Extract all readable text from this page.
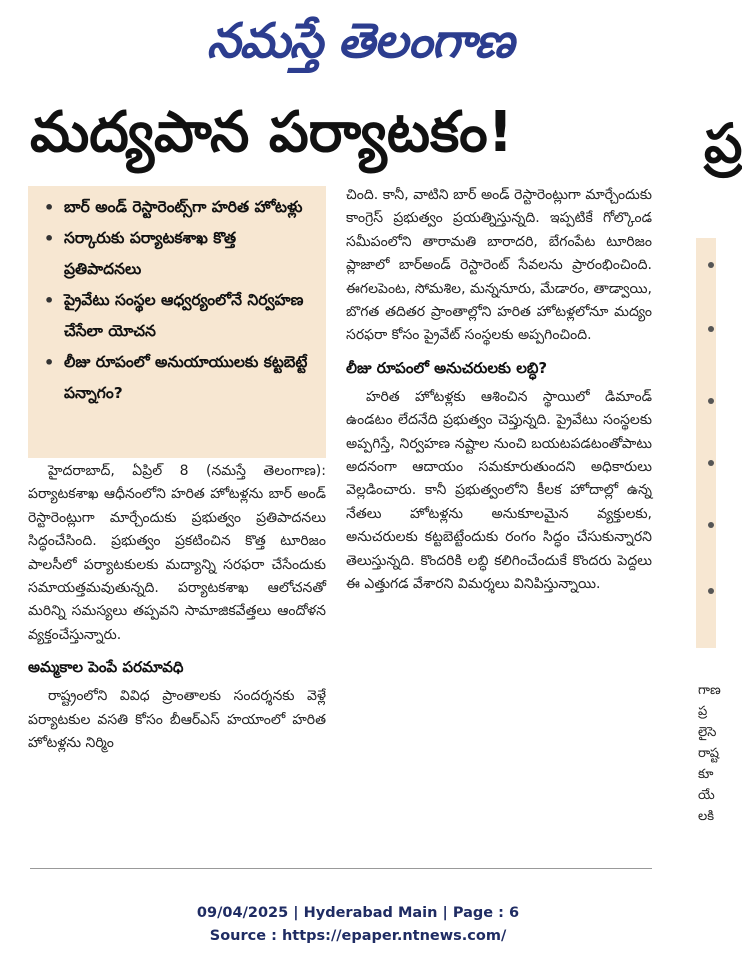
నమస్తే తెలంగాణ
మద్యపాన పర్యాటకం!	ప్ర
• బార్ అండ్ రెస్టారెంట్స్‌గా హరిత హోటళ్లు
• సర్కారుకు పర్యాటకశాఖ కొత్త ప్రతిపాదనలు
• ప్రైవేటు సంస్థల ఆధ్వర్యంలోనే నిర్వహణ చేసేలా యోచన
• లీజు రూపంలో అనుయాయులకు కట్టబెట్టే పన్నాగం?

హైదరాబాద్, ఏప్రిల్ 8 (నమస్తే తెలంగాణ): పర్యాటకశాఖ ఆధీనంలోని హరిత హోటళ్లను బార్ అండ్ రెస్టారెంట్లుగా మార్చేందుకు ప్రభుత్వం ప్రతిపాదనలు సిద్ధంచేసింది. ప్రభుత్వం ప్రకటించిన కొత్త టూరిజం పాలసీలో పర్యాటకులకు మద్యాన్ని సరఫరా చేసేందుకు సమాయత్తమవుతున్నది. పర్యాటకశాఖ ఆలోచనతో మరిన్ని సమస్యలు తప్పవని సామాజికవేత్తలు ఆందోళన వ్యక్తంచేస్తున్నారు.

అమ్మకాల పెంపే పరమావధి

రాష్ట్రంలోని వివిధ ప్రాంతాలకు సందర్శనకు వెళ్లే పర్యాటకుల వసతి కోసం బీఆర్‌ఎస్ హయాంలో హరిత హోటళ్లను నిర్మిం

చింది. కానీ, వాటిని బార్ అండ్ రెస్టారెంట్లుగా మార్చేందుకు కాంగ్రెస్ ప్రభుత్వం ప్రయత్నిస్తున్నది. ఇప్పటికే గోల్కొండ సమీపంలోని తారామతి బారాదరి, బేగంపేట టూరిజం ప్లాజాలో బార్‌అండ్ రెస్టారెంట్ సేవలను ప్రారంభించింది. ఈగలపెంట, సోమశిల, మన్ననూరు, మేడారం, తాడ్వాయి, బొగత తదితర ప్రాంతాల్లోని హరిత హోటళ్లలోనూ మద్యం సరఫరా కోసం ప్రైవేట్ సంస్థలకు అప్పగించింది.

లీజు రూపంలో అనుచరులకు లబ్ధి?

హరిత హోటళ్లకు ఆశించిన స్థాయిలో డిమాండ్ ఉండటం లేదనేది ప్రభుత్వం చెప్తున్నది. ప్రైవేటు సంస్థలకు అప్పగిస్తే, నిర్వహణ నష్టాల నుంచి బయటపడటంతోపాటు అదనంగా ఆదాయం సమకూరుతుందని అధికారులు వెల్లడించారు. కానీ ప్రభుత్వంలోని కీలక హోదాల్లో ఉన్న నేతలు హోటళ్లను అనుకూలమైన వ్యక్తులకు, అనుచరులకు కట్టబెట్టేందుకు రంగం సిద్ధం చేసుకున్నారని తెలుస్తున్నది. కొందరికి లబ్ధి కలిగించేందుకే కొందరు పెద్దలు ఈ ఎత్తుగడ వేశారని విమర్శలు వినిపిస్తున్నాయి.

గాణ ప్ర లైసె రాష్ట కూ యే లకి
09/04/2025 | Hyderabad Main | Page : 6
Source : https://epaper.ntnews.com/
